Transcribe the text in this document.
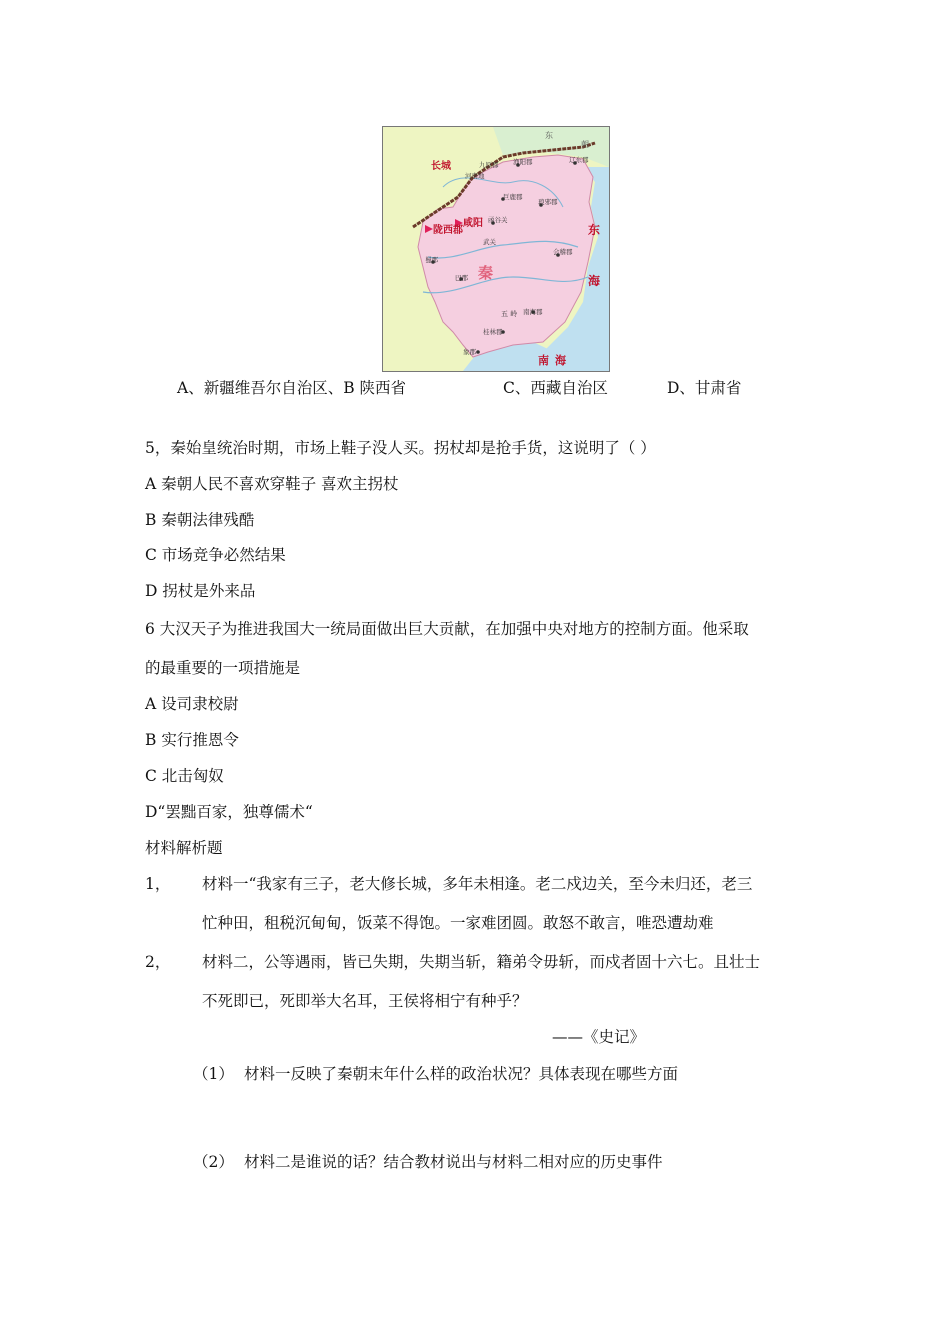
长城
咸阳
陇西郡
秦
东
海
南海
东
朝
渔阳郡	辽东郡
九原郡
河南地
巨鹿郡
琅邪郡
函谷关
武关
会稽郡
蜀郡
巴郡
五 岭 南海郡
桂林郡
象郡
A、新疆维吾尔自治区、B 陕西省	C、西藏自治区	D、甘肃省
5，秦始皇统治时期，市场上鞋子没人买。拐杖却是抢手货，这说明了（ ）
A 秦朝人民不喜欢穿鞋子 喜欢主拐杖
B 秦朝法律残酷
C 市场竞争必然结果
D 拐杖是外来品
6 大汉天子为推进我国大一统局面做出巨大贡献，在加强中央对地方的控制方面。他采取
的最重要的一项措施是
A 设司隶校尉
B 实行推恩令
C 北击匈奴
D“罢黜百家，独尊儒术“
材料解析题
1， 材料一“我家有三子，老大修长城，多年未相逢。老二戍边关，至今未归还，老三
忙种田，租税沉甸甸，饭菜不得饱。一家难团圆。敢怒不敢言，唯恐遭劫难
2， 材料二，公等遇雨，皆已失期，失期当斩，籍弟令毋斩，而戍者固十六七。且壮士
不死即已，死即举大名耳，王侯将相宁有种乎？
——《史记》
（1） 材料一反映了秦朝末年什么样的政治状况？具体表现在哪些方面
（2） 材料二是谁说的话？结合教材说出与材料二相对应的历史事件
